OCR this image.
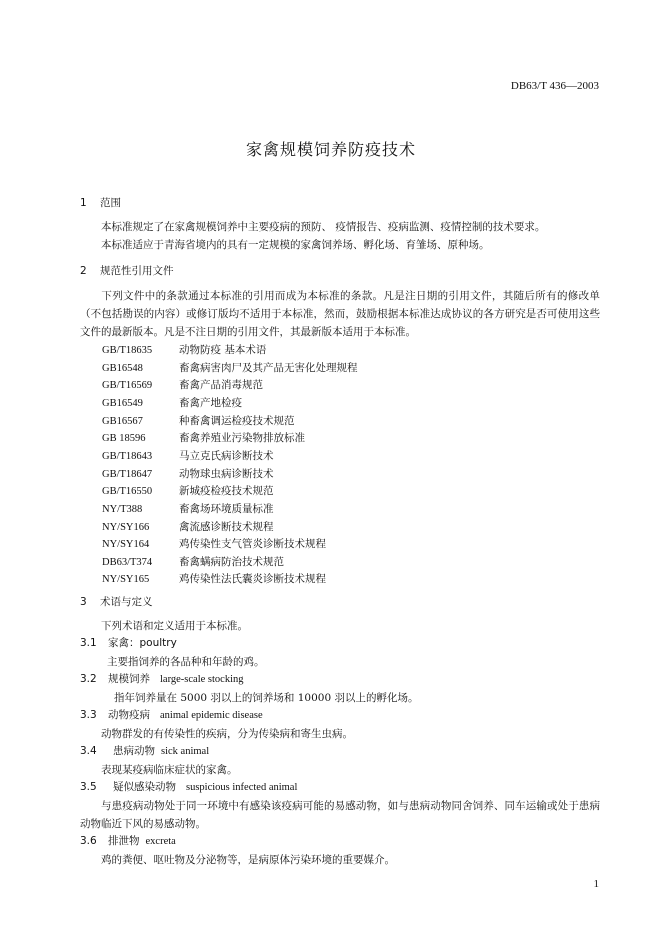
DB63/T 436—2003
家禽规模饲养防疫技术
1 范围
本标准规定了在家禽规模饲养中主要疫病的预防、 疫情报告、疫病监测、疫情控制的技术要求。
本标准适应于青海省境内的具有一定规模的家禽饲养场、孵化场、育雏场、原种场。
2 规范性引用文件
下列文件中的条款通过本标准的引用而成为本标准的条款。凡是注日期的引用文件，其随后所有的修改单（不包括勘误的内容）或修订版均不适用于本标准，然而，鼓励根据本标准达成协议的各方研究是否可使用这些文件的最新版本。凡是不注日期的引用文件，其最新版本适用于本标准。
GB/T18635	动物防疫 基本术语
GB16548	畜禽病害肉尸及其产品无害化处理规程
GB/T16569	畜禽产品消毒规范
GB16549	畜禽产地检疫
GB16567	种畜禽调运检疫技术规范
GB 18596	畜禽养殖业污染物排放标准
GB/T18643	马立克氏病诊断技术
GB/T18647	动物球虫病诊断技术
GB/T16550	新城疫检疫技术规范
NY/T388	畜禽场环境质量标准
NY/SY166	禽流感诊断技术规程
NY/SY164	鸡传染性支气管炎诊断技术规程
DB63/T374	畜禽螨病防治技术规范
NY/SY165	鸡传染性法氏囊炎诊断技术规程
3 术语与定义
下列术语和定义适用于本标准。
3.1 家禽：poultry
主要指饲养的各品种和年龄的鸡。
3.2 规模饲养 large-scale stocking
指年饲养量在 5000 羽以上的饲养场和 10000 羽以上的孵化场。
3.3 动物疫病 animal epidemic disease
动物群发的有传染性的疾病，分为传染病和寄生虫病。
3.4 患病动物 sick animal
表现某疫病临床症状的家禽。
3.5 疑似感染动物 suspicious infected animal
与患疫病动物处于同一环境中有感染该疫病可能的易感动物，如与患病动物同舍饲养、同车运输或处于患病动物临近下风的易感动物。
3.6 排泄物 excreta
鸡的粪便、呕吐物及分泌物等，是病原体污染环境的重要媒介。
1
